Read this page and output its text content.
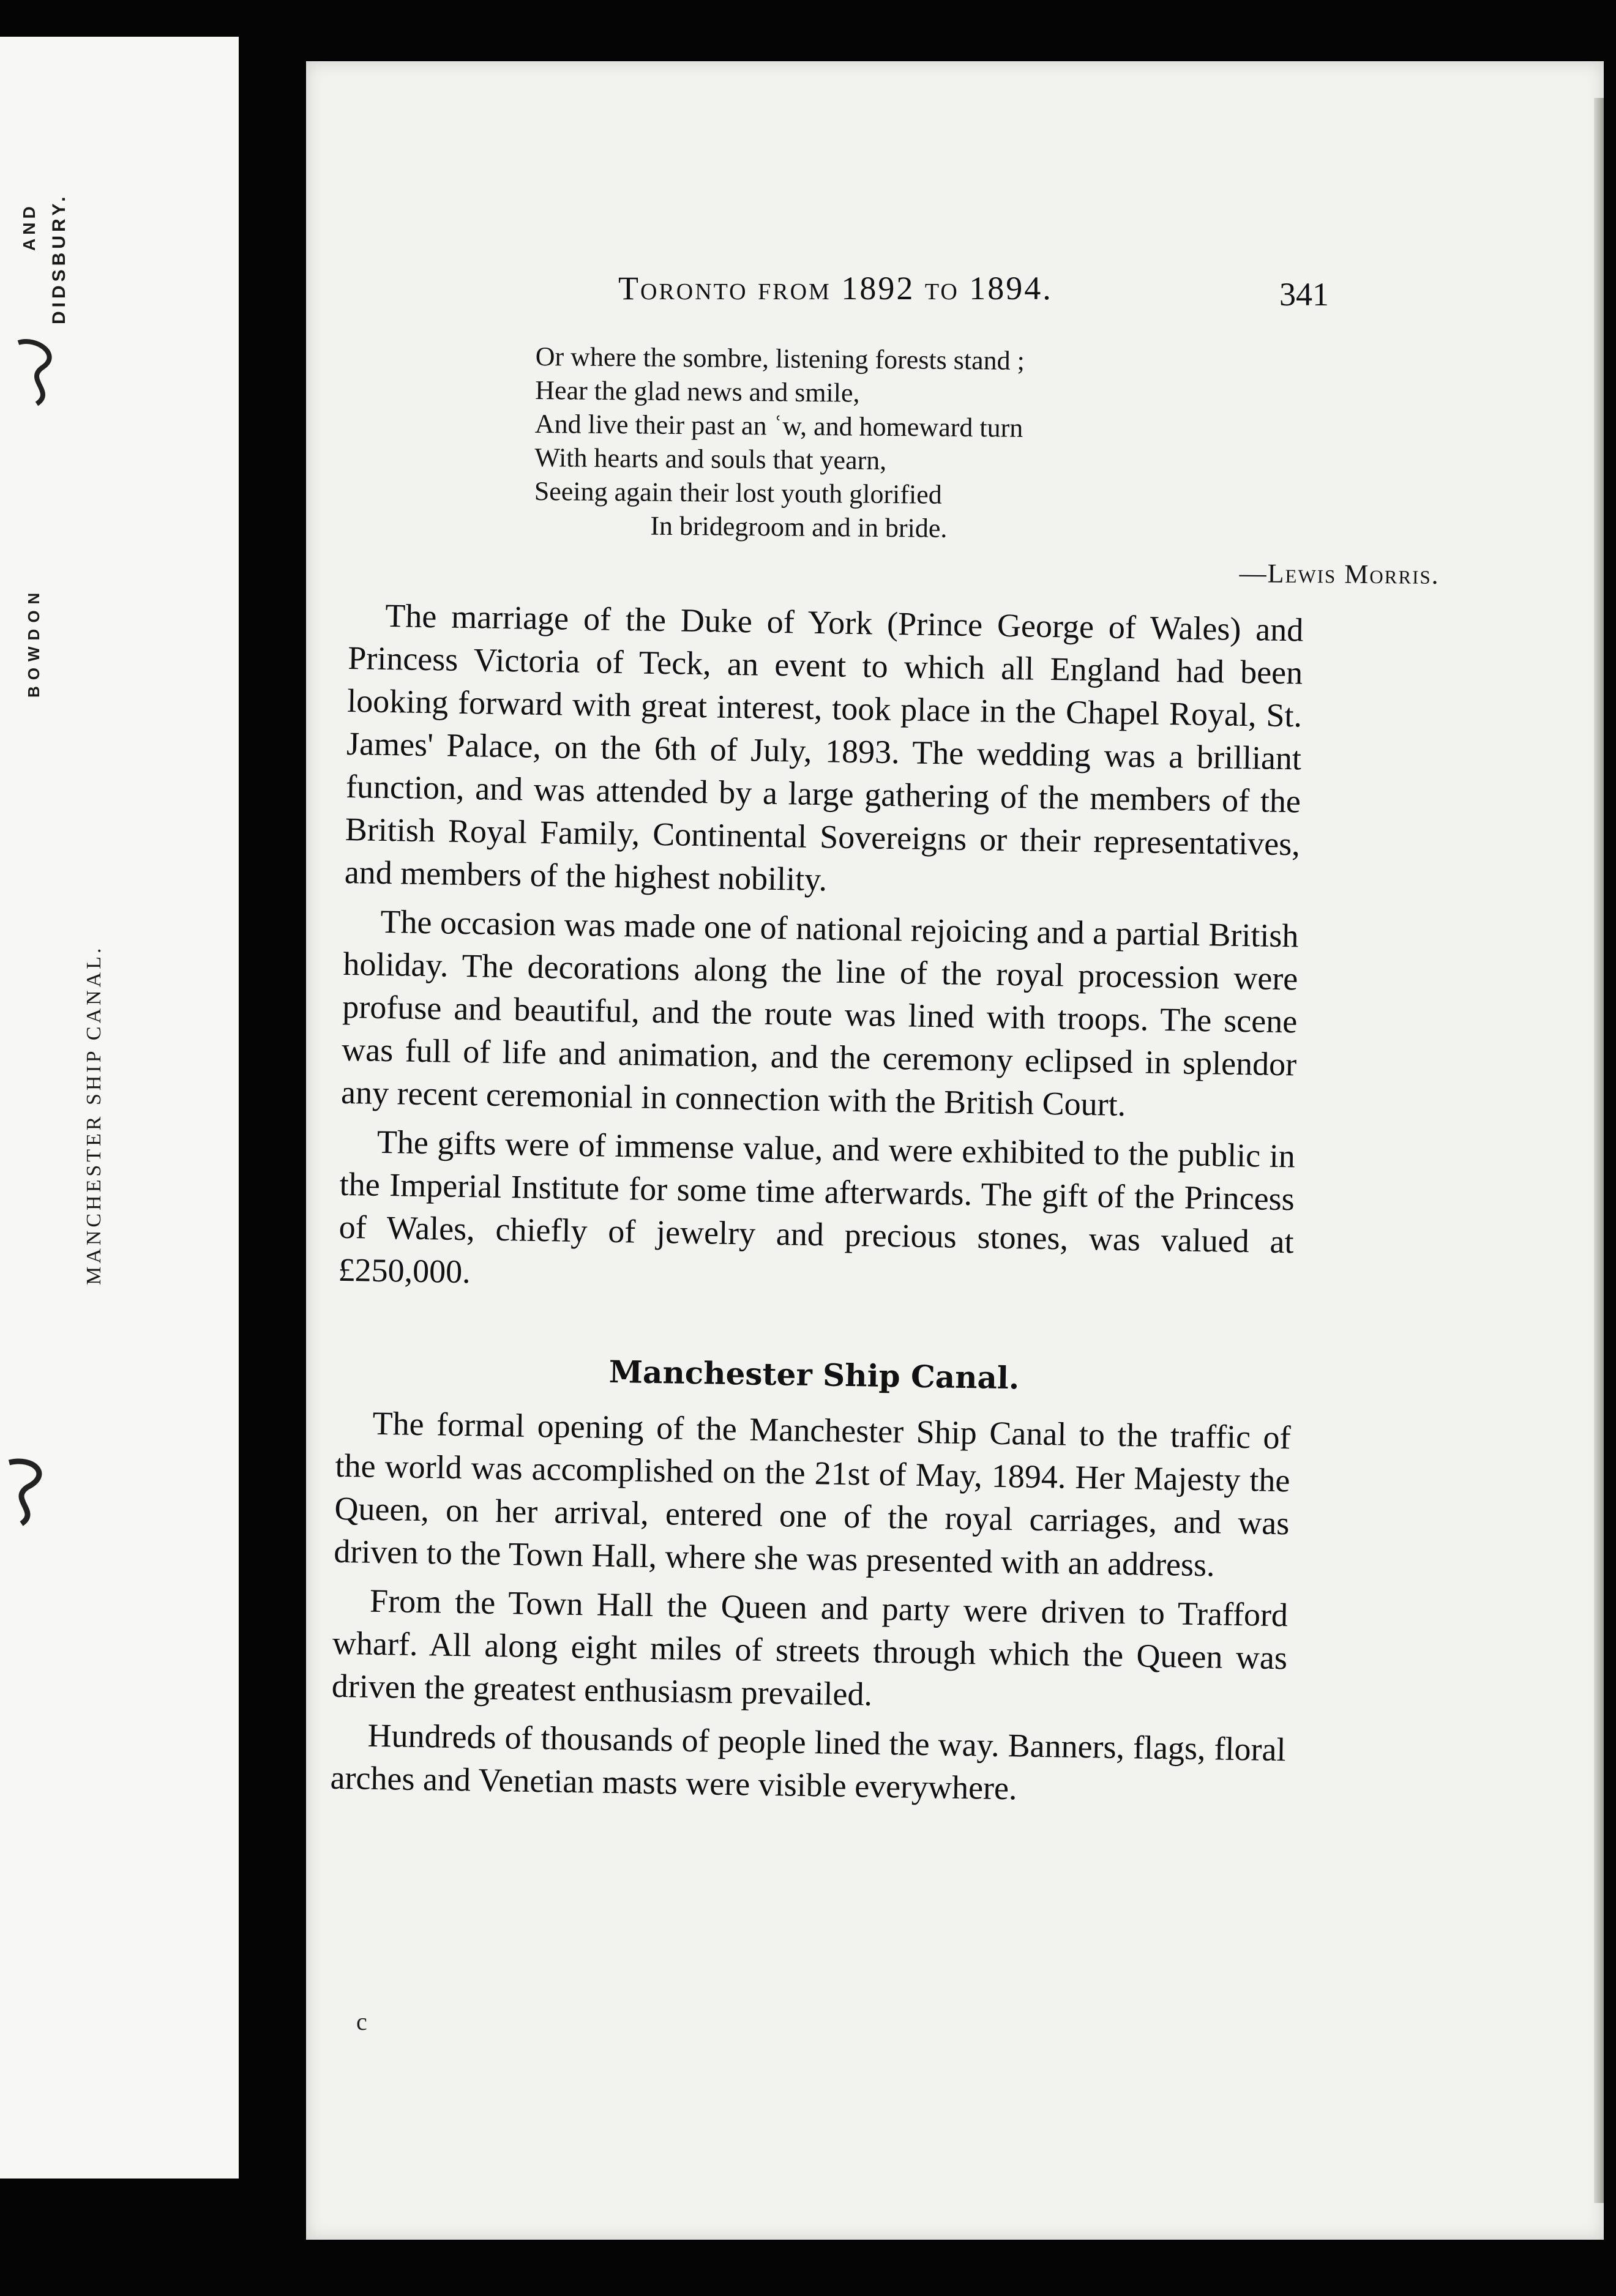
AND DIDSBURY.
BOWDON
MANCHESTER SHIP CANAL.
Toronto from 1892 to 1894.	341
Or where the sombre, listening forests stand ;
Hear the glad news and smile,
And live their past an ʿw, and homeward turn
With hearts and souls that yearn,
Seeing again their lost youth glorified
In bridegroom and in bride.
—Lewis Morris.

The marriage of the Duke of York (Prince George of Wales) and Princess Victoria of Teck, an event to which all England had been looking forward with great interest, took place in the Chapel Royal, St. James' Palace, on the 6th of July, 1893. The wedding was a brilliant function, and was attended by a large gathering of the members of the British Royal Family, Continental Sovereigns or their representatives, and members of the highest nobility.

The occasion was made one of national rejoicing and a partial British holiday. The decorations along the line of the royal procession were profuse and beautiful, and the route was lined with troops. The scene was full of life and animation, and the ceremony eclipsed in splendor any recent ceremonial in connection with the British Court.

The gifts were of immense value, and were exhibited to the public in the Imperial Institute for some time afterwards. The gift of the Princess of Wales, chiefly of jewelry and precious stones, was valued at £250,000.

Manchester Ship Canal.

The formal opening of the Manchester Ship Canal to the traffic of the world was accomplished on the 21st of May, 1894. Her Majesty the Queen, on her arrival, entered one of the royal carriages, and was driven to the Town Hall, where she was presented with an address.

From the Town Hall the Queen and party were driven to Trafford wharf. All along eight miles of streets through which the Queen was driven the greatest enthusiasm prevailed.

Hundreds of thousands of people lined the way. Banners, flags, floral arches and Venetian masts were visible everywhere.

c
